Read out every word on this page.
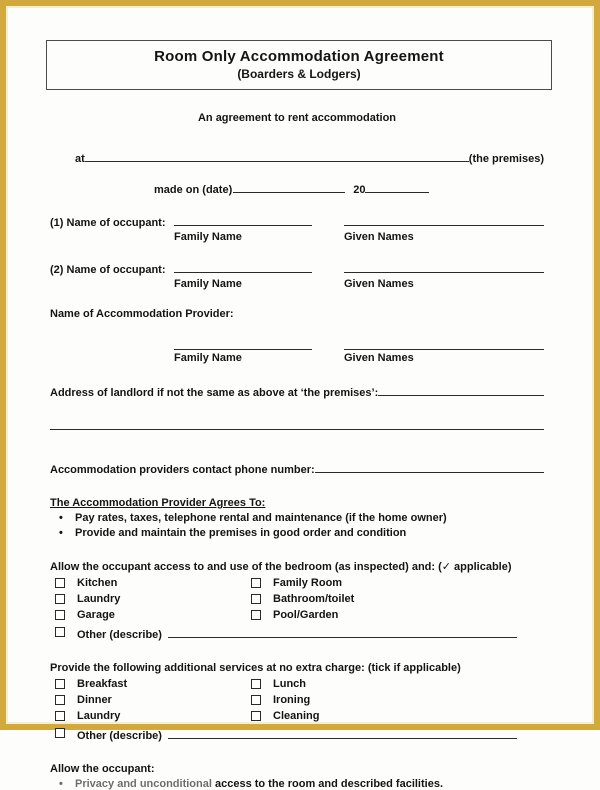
Room Only Accommodation Agreement
(Boarders & Lodgers)
An agreement to rent accommodation
at	(the premises)
made on (date)	20
(1) Name of occupant:
Family Name	Given Names
(2) Name of occupant:
Family Name	Given Names
Name of Accommodation Provider:
Family Name	Given Names
Address of landlord if not the same as above at ‘the premises’:
Accommodation providers contact phone number:
The Accommodation Provider Agrees To:
•	Pay rates, taxes, telephone rental and maintenance (if the home owner)
•	Provide and maintain the premises in good order and condition
Allow the occupant access to and use of the bedroom (as inspected) and: (✓ applicable)
Kitchen	Family Room
Laundry	Bathroom/toilet
Garage	Pool/Garden
Other (describe)
Provide the following additional services at no extra charge: (tick if applicable)
Breakfast	Lunch
Dinner	Ironing
Laundry	Cleaning
Other (describe)
Allow the occupant:
•	Privacy and unconditional access to the room and described facilities.
